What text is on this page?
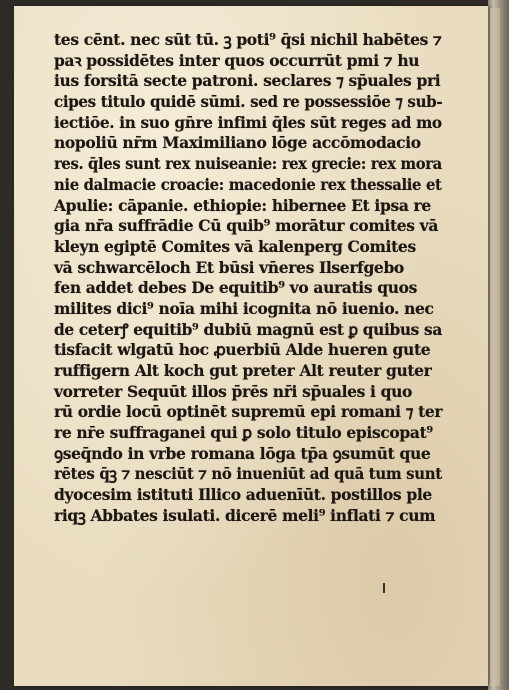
tes cēnt. nec sūt tū. ꝫ poti⁹ q̄si nichil habētes ⁊
paꝛ possidētes inter quos occurrūt pmi ⁊ hu
ius forsitā secte patroni. seclares ⁊ sp̄uales pri
cipes titulo quidē sūmi. sed re possessiōe ⁊ sub-
iectiōe. in suo gn̄re infimi q̄les sūt reges ad mo
nopoliū nr̄m Maximiliano lōge accōmodacio
res. q̄les sunt rex nuiseanie: rex grecie: rex mora
nie dalmacie croacie: macedonie rex thessalie et
Apulie: cāpanie. ethiopie: hibernee Et ipsa re
gia nr̄a suffrādie Cū quib⁹ morātur comites vā
kleyn egiptē Comites vā kalenperg Comites
vā schwarcēloch Et būsi vn̄eres Ilserfgebo
fen addet debes De equitib⁹ vo auratis quos
milites dici⁹ noīa mihi icognita nō iuenio. nec
de ceterꝭ equitib⁹ dubiū magnū est ꝑ quibus sa
tisfacit wlgatū hoc ꝓuerbiū Alde hueren gute
ruffigern Alt koch gut preter Alt reuter guter
vorreter Sequūt illos p̄rēs nr̄i sp̄uales i quo
rū ordie locū optinēt supremū epi romani ⁊ ter
re nr̄e suffraganei qui ꝑ solo titulo episcopat⁹
ꝯseq̄ndo in vrbe romana lōga tp̄a ꝯsumūt que
rētes q̄ꝫ ⁊ nesciūt ⁊ nō inueniūt ad quā tum sunt
dyocesim istituti Illico aduenīūt. postillos ple
riqꝫ Abbates isulati. dicerē meli⁹ inflati ⁊ cum
